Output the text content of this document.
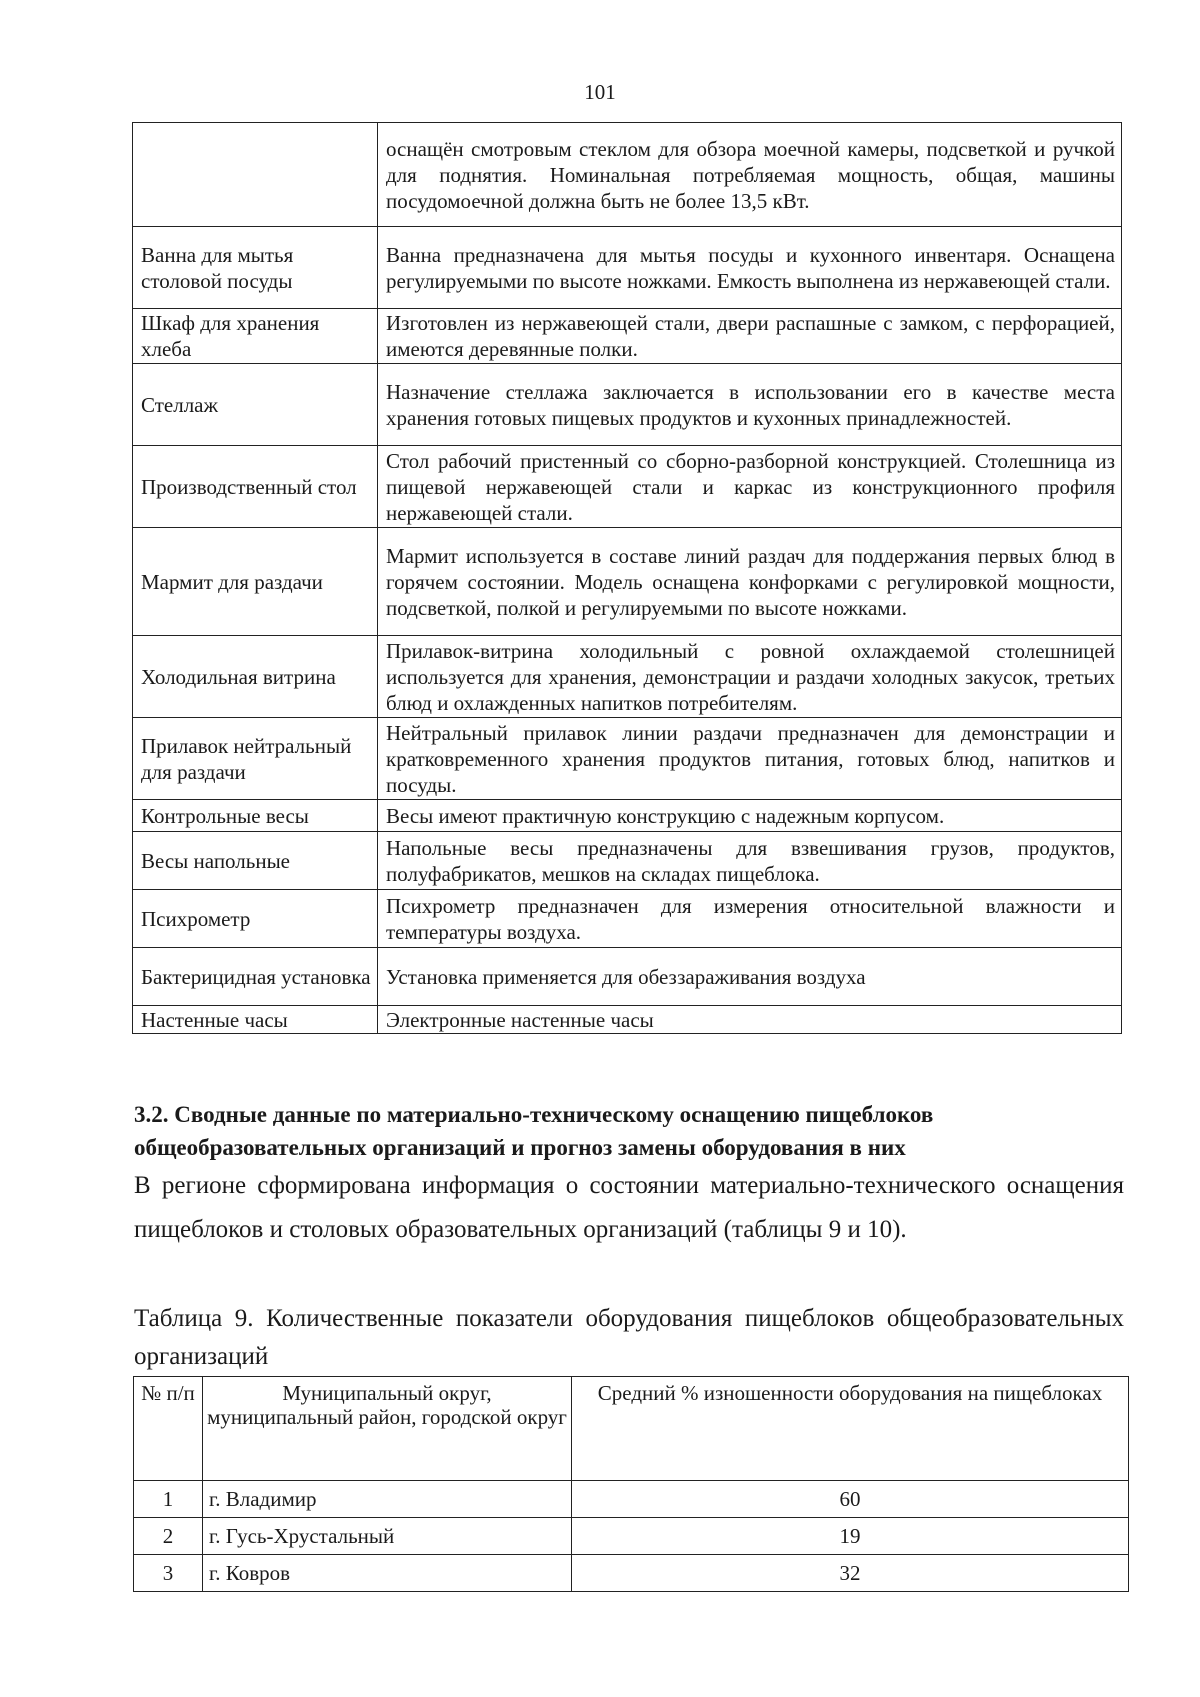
101
	оснащён смотровым стеклом для обзора моечной камеры, подсветкой и ручкой для поднятия. Номинальная потребляемая мощность, общая, машины посудомоечной должна быть не более 13,5 кВт.
Ванна для мытья столовой посуды	Ванна предназначена для мытья посуды и кухонного инвентаря. Оснащена регулируемыми по высоте ножками. Емкость выполнена из нержавеющей стали.
Шкаф для хранения хлеба	Изготовлен из нержавеющей стали, двери распашные с замком, с перфорацией, имеются деревянные полки.
Стеллаж	Назначение стеллажа заключается в использовании его в качестве места хранения готовых пищевых продуктов и кухонных принадлежностей.
Производственный стол	Стол рабочий пристенный со сборно-разборной конструкцией. Столешница из пищевой нержавеющей стали и каркас из конструкционного профиля нержавеющей стали.
Мармит для раздачи	Мармит используется в составе линий раздач для поддержания первых блюд в горячем состоянии. Модель оснащена конфорками с регулировкой мощности, подсветкой, полкой и регулируемыми по высоте ножками.
Холодильная витрина	Прилавок-витрина холодильный с ровной охлаждаемой столешницей используется для хранения, демонстрации и раздачи холодных закусок, третьих блюд и охлажденных напитков потребителям.
Прилавок нейтральный для раздачи	Нейтральный прилавок линии раздачи предназначен для демонстрации и кратковременного хранения продуктов питания, готовых блюд, напитков и посуды.
Контрольные весы	Весы имеют практичную конструкцию с надежным корпусом.
Весы напольные	Напольные весы предназначены для взвешивания грузов, продуктов, полуфабрикатов, мешков на складах пищеблока.
Психрометр	Психрометр предназначен для измерения относительной влажности и температуры воздуха.
Бактерицидная установка	Установка применяется для обеззараживания воздуха
Настенные часы	Электронные настенные часы

3.2. Сводные данные по материально-техническому оснащению пищеблоков общеобразовательных организаций и прогноз замены оборудования в них

В регионе сформирована информация о состоянии материально-технического оснащения пищеблоков и столовых образовательных организаций (таблицы 9 и 10).

Таблица 9. Количественные показатели оборудования пищеблоков общеобразовательных организаций

№ п/п	Муниципальный округ, муниципальный район, городской округ	Средний % изношенности оборудования на пищеблоках
1	г. Владимир	60
2	г. Гусь-Хрустальный	19
3	г. Ковров	32
